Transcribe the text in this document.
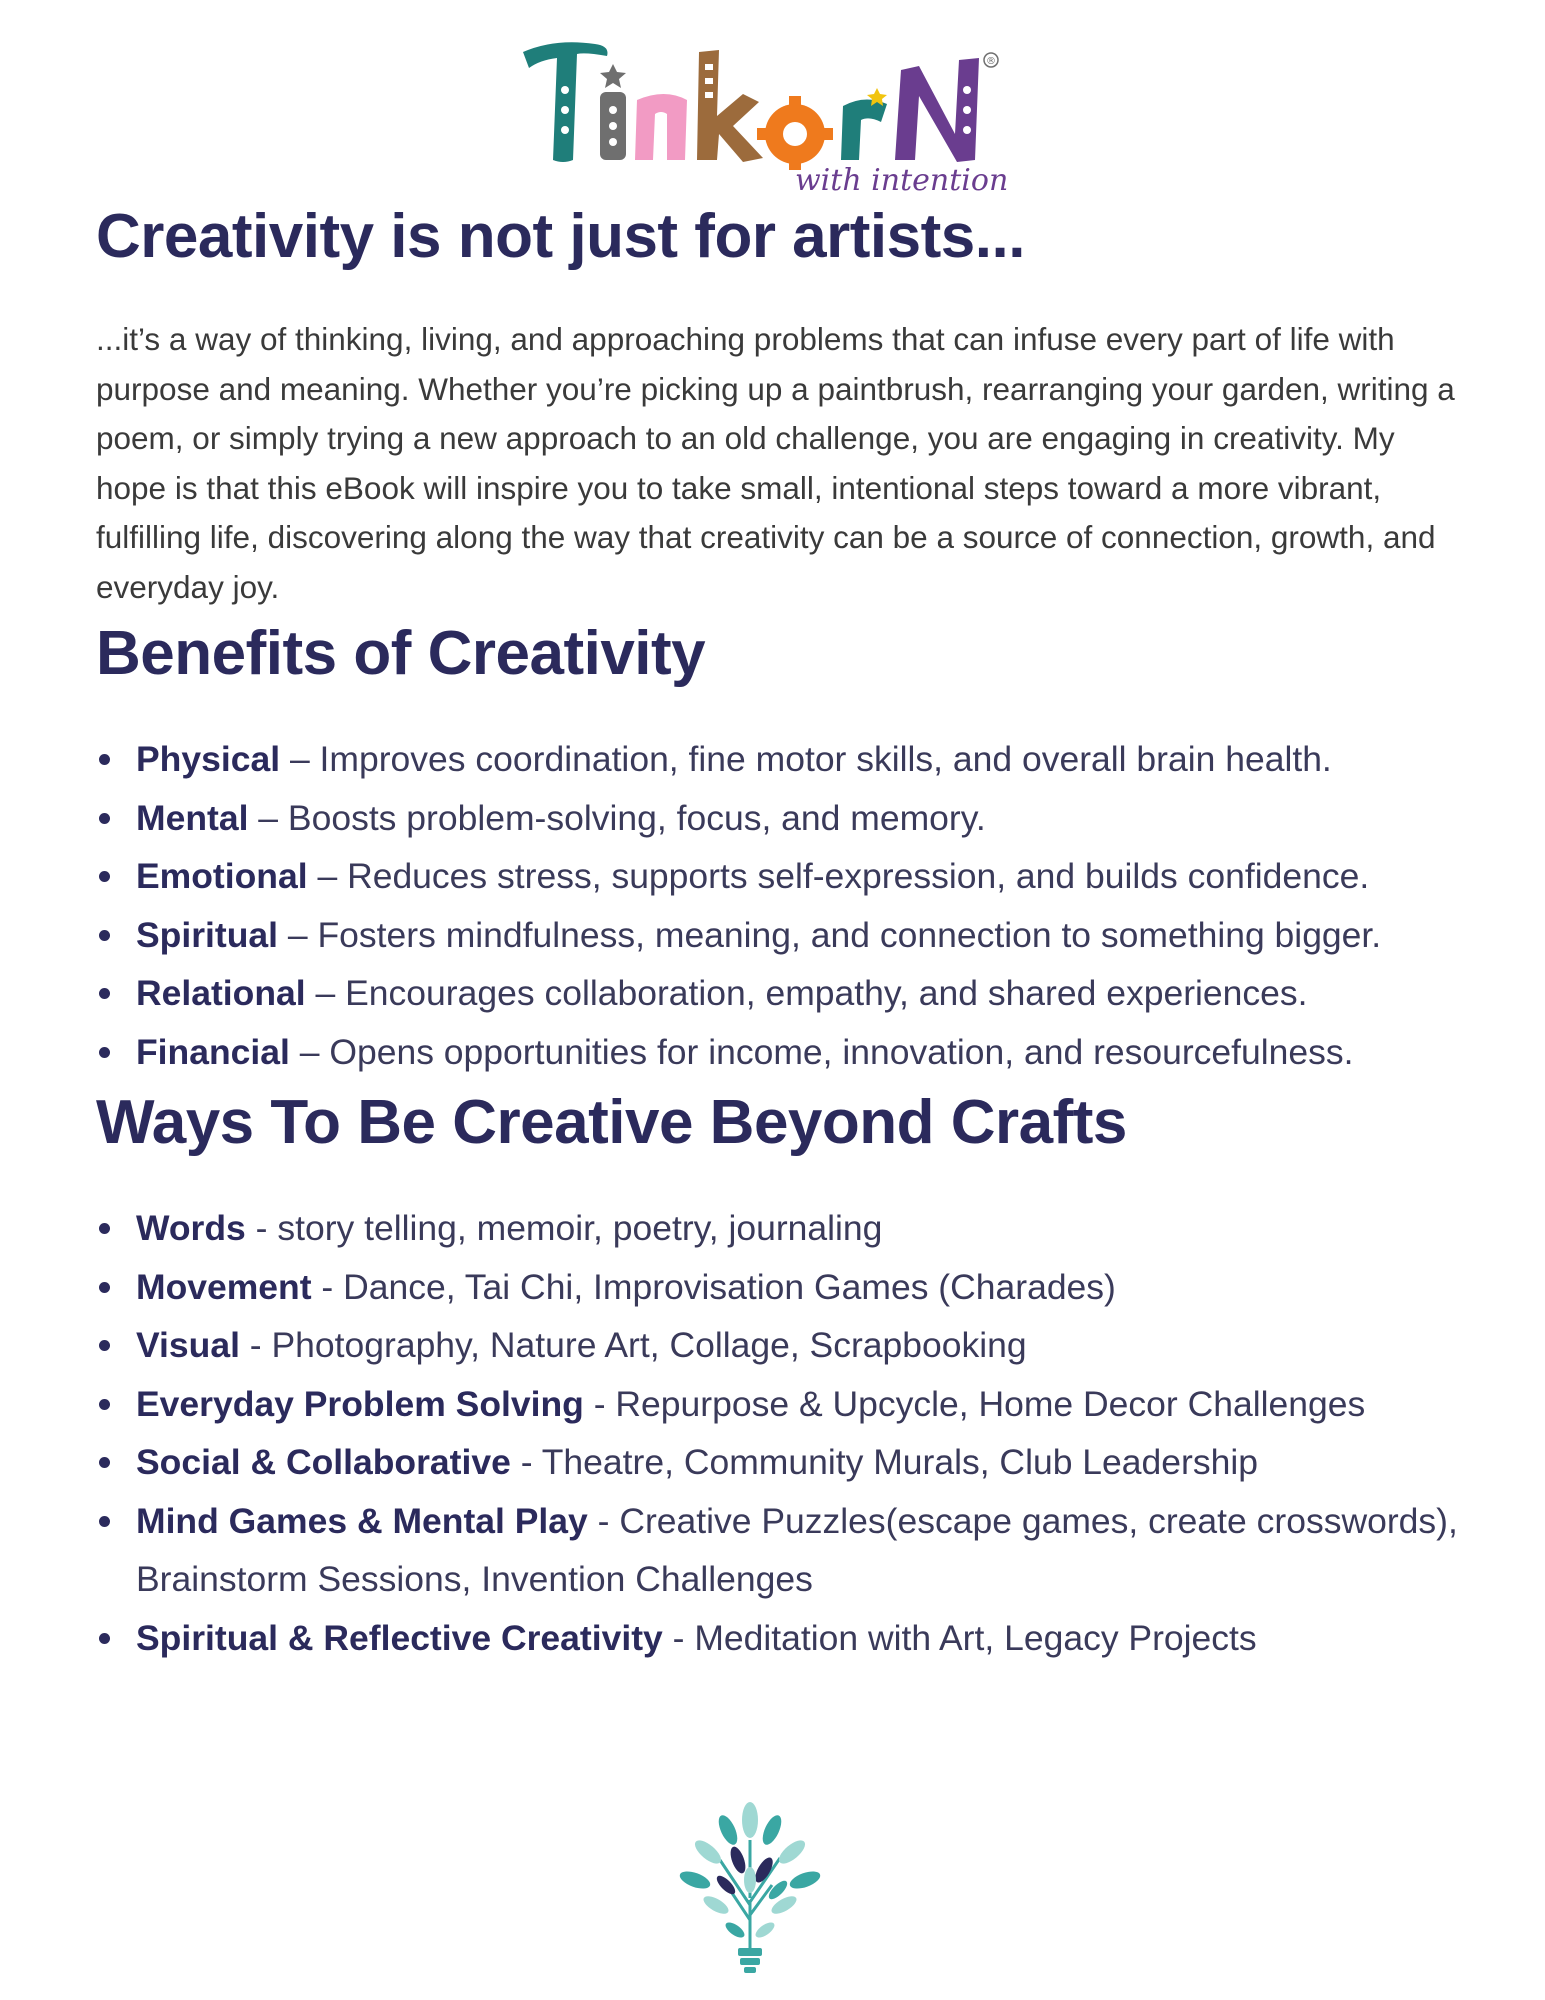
®
with intention
Creativity is not just for artists...

...it’s a way of thinking, living, and approaching problems that can infuse every part of life with purpose and meaning. Whether you’re picking up a paintbrush, rearranging your garden, writing a poem, or simply trying a new approach to an old challenge, you are engaging in creativity. My hope is that this eBook will inspire you to take small, intentional steps toward a more vibrant, fulfilling life, discovering along the way that creativity can be a source of connection, growth, and everyday joy.

Benefits of Creativity
Physical – Improves coordination, fine motor skills, and overall brain health.
Mental – Boosts problem-solving, focus, and memory.
Emotional – Reduces stress, supports self-expression, and builds confidence.
Spiritual – Fosters mindfulness, meaning, and connection to something bigger.
Relational – Encourages collaboration, empathy, and shared experiences.
Financial – Opens opportunities for income, innovation, and resourcefulness.
Ways To Be Creative Beyond Crafts
Words - story telling, memoir, poetry, journaling
Movement - Dance, Tai Chi, Improvisation Games (Charades)
Visual - Photography, Nature Art, Collage, Scrapbooking
Everyday Problem Solving - Repurpose & Upcycle, Home Decor Challenges
Social & Collaborative - Theatre, Community Murals, Club Leadership
Mind Games & Mental Play - Creative Puzzles(escape games, create crosswords), Brainstorm Sessions, Invention Challenges
Spiritual & Reflective Creativity - Meditation with Art, Legacy Projects
